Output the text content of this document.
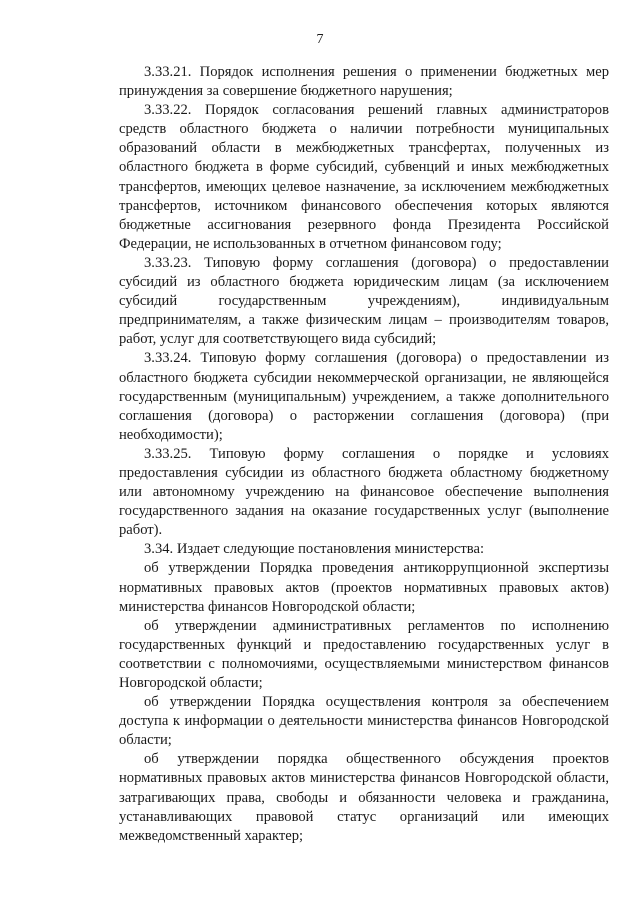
7

3.33.21. Порядок исполнения решения о применении бюджетных мер принуждения за совершение бюджетного нарушения;

3.33.22. Порядок согласования решений главных администраторов средств областного бюджета о наличии потребности муниципальных образований области в межбюджетных трансфертах, полученных из областного бюджета в форме субсидий, субвенций и иных межбюджетных трансфертов, имеющих целевое назначение, за исключением межбюджетных трансфертов, источником финансового обеспечения которых являются бюджетные ассигнования резервного фонда Президента Российской Федерации, не использованных в отчетном финансовом году;

3.33.23. Типовую форму соглашения (договора) о предоставлении субсидий из областного бюджета юридическим лицам (за исключением субсидий государственным учреждениям), индивидуальным предпринимателям, а также физическим лицам – производителям товаров, работ, услуг для соответствующего вида субсидий;

3.33.24. Типовую форму соглашения (договора) о предоставлении из областного бюджета субсидии некоммерческой организации, не являющейся государственным (муниципальным) учреждением, а также дополнительного соглашения (договора) о расторжении соглашения (договора) (при необходимости);

3.33.25. Типовую форму соглашения о порядке и условиях предоставления субсидии из областного бюджета областному бюджетному или автономному учреждению на финансовое обеспечение выполнения государственного задания на оказание государственных услуг (выполнение работ).

3.34. Издает следующие постановления министерства:

об утверждении Порядка проведения антикоррупционной экспертизы нормативных правовых актов (проектов нормативных правовых актов) министерства финансов Новгородской области;

об утверждении административных регламентов по исполнению государственных функций и предоставлению государственных услуг в соответствии с полномочиями, осуществляемыми министерством финансов Новгородской области;

об утверждении Порядка осуществления контроля за обеспечением доступа к информации о деятельности министерства финансов Новгородской области;

об утверждении порядка общественного обсуждения проектов нормативных правовых актов министерства финансов Новгородской области, затрагивающих права, свободы и обязанности человека и гражданина, устанавливающих правовой статус организаций или имеющих межведомственный характер;
